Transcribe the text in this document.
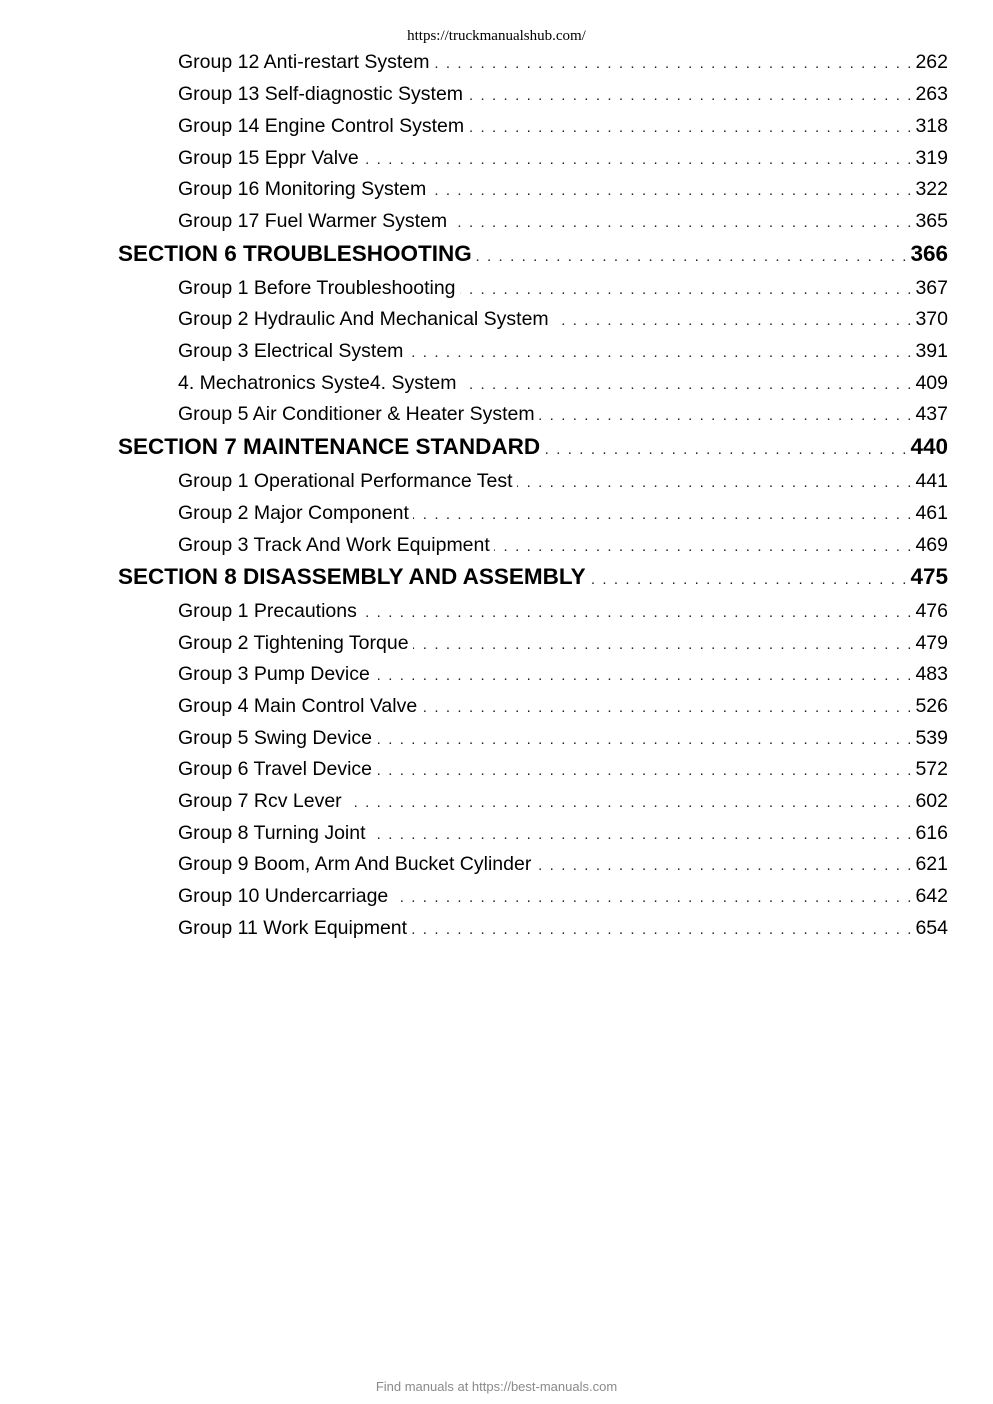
https://truckmanualshub.com/
Group 12 Anti-restart System . . .	262
Group 13 Self-diagnostic System . . .	263
Group 14 Engine Control System . . .	318
Group 15 Eppr Valve . . .	319
Group 16 Monitoring System . . .	322
Group 17 Fuel Warmer System . . .	365
SECTION 6 TROUBLESHOOTING . . .	366
Group 1 Before Troubleshooting . . .	367
Group 2 Hydraulic And Mechanical System . . .	370
Group 3 Electrical System . . .	391
4. Mechatronics Syste4. System . . .	409
Group 5 Air Conditioner & Heater System . . .	437
SECTION 7 MAINTENANCE STANDARD . . .	440
Group 1 Operational Performance Test . . .	441
Group 2 Major Component . . .	461
Group 3 Track And Work Equipment . . .	469
SECTION 8 DISASSEMBLY AND ASSEMBLY . . .	475
Group 1 Precautions . . .	476
Group 2 Tightening Torque . . .	479
Group 3 Pump Device . . .	483
Group 4 Main Control Valve . . .	526
Group 5 Swing Device . . .	539
Group 6 Travel Device . . .	572
Group 7 Rcv Lever . . .	602
Group 8 Turning Joint . . .	616
Group 9 Boom, Arm And Bucket Cylinder . . .	621
Group 10 Undercarriage . . .	642
Group 11 Work Equipment . . .	654
Find manuals at https://best-manuals.com
